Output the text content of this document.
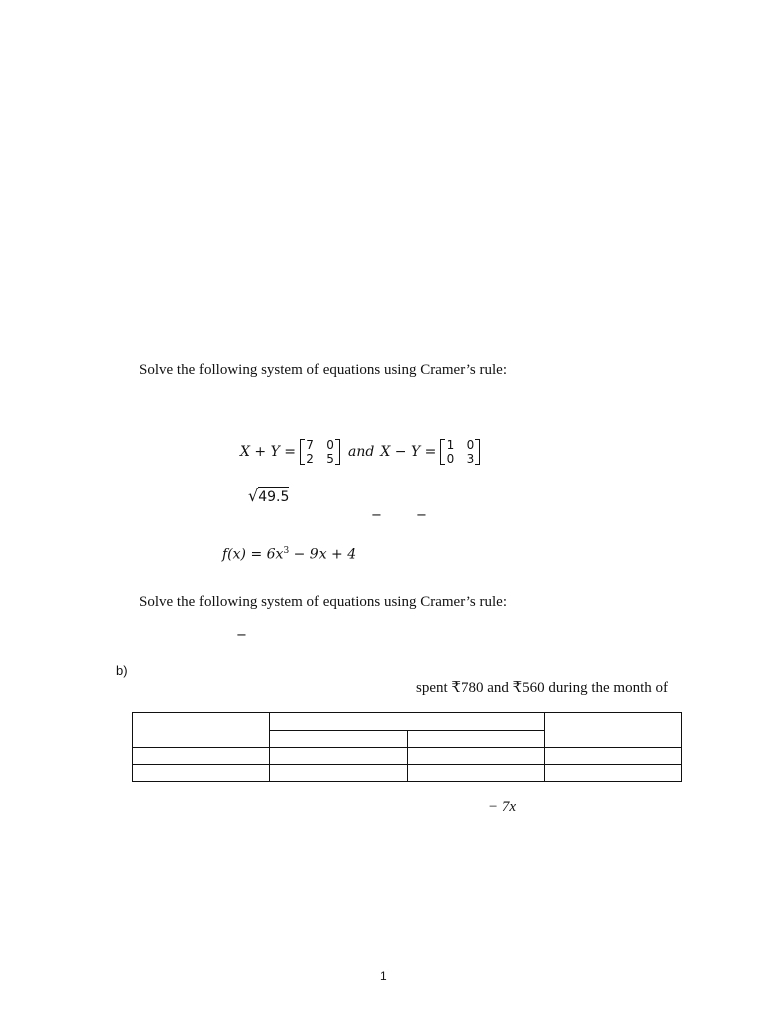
Solve the following system of equations using Cramer’s rule:
X + Y = 7 0
2 5 and X − Y = 1 0
0 3
√49.5
−	−
$f(x) = 6x^3 - 9x + 4$
Solve the following system of equations using Cramer’s rule:
−
b)
spent ₹780 and ₹560 during the month of

− 7x
1
